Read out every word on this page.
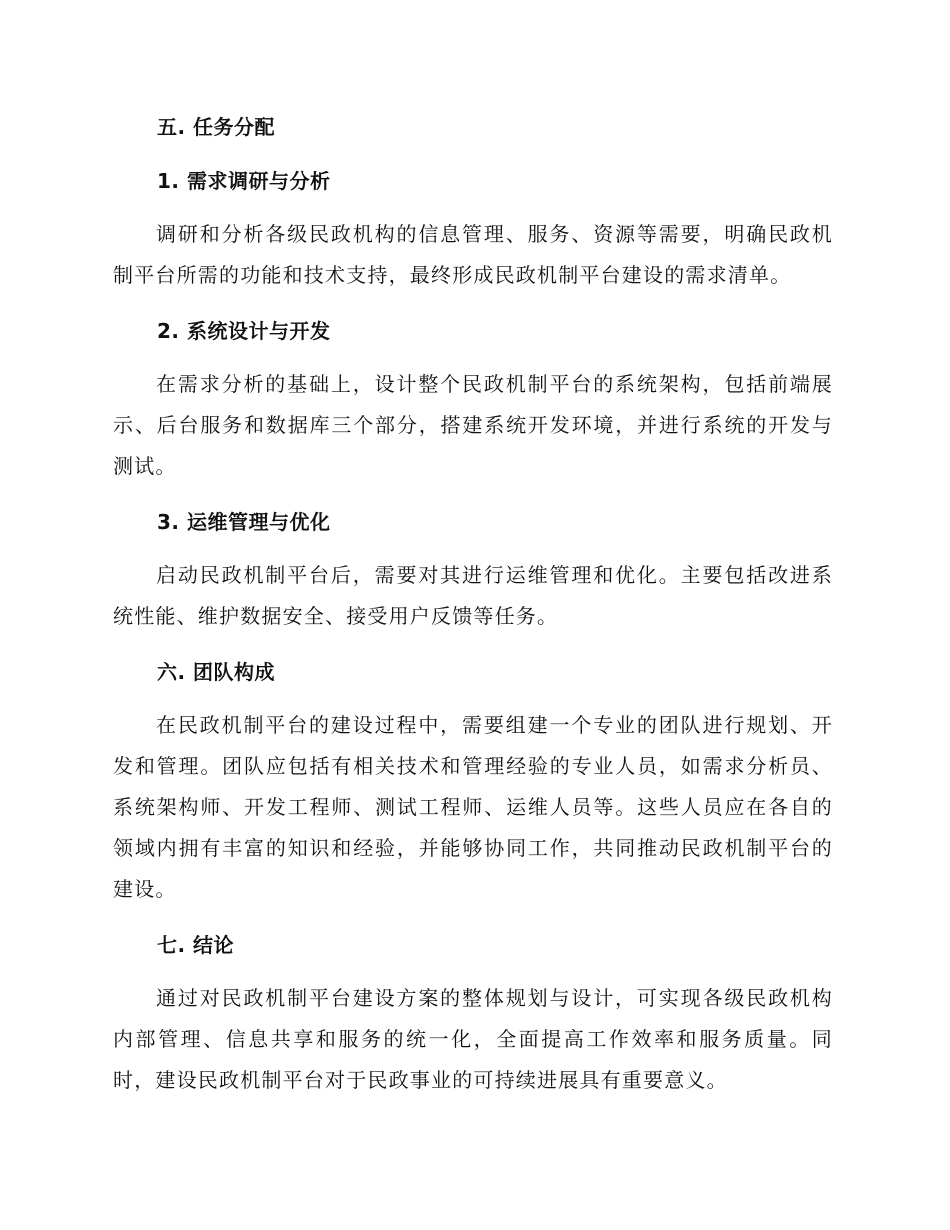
五. 任务分配
1. 需求调研与分析

调研和分析各级民政机构的信息管理、服务、资源等需要，明确民政机制平台所需的功能和技术支持，最终形成民政机制平台建设的需求清单。

2. 系统设计与开发

在需求分析的基础上，设计整个民政机制平台的系统架构，包括前端展示、后台服务和数据库三个部分，搭建系统开发环境，并进行系统的开发与测试。

3. 运维管理与优化

启动民政机制平台后，需要对其进行运维管理和优化。主要包括改进系统性能、维护数据安全、接受用户反馈等任务。

六. 团队构成

在民政机制平台的建设过程中，需要组建一个专业的团队进行规划、开发和管理。团队应包括有相关技术和管理经验的专业人员，如需求分析员、系统架构师、开发工程师、测试工程师、运维人员等。这些人员应在各自的领域内拥有丰富的知识和经验，并能够协同工作，共同推动民政机制平台的建设。

七. 结论

通过对民政机制平台建设方案的整体规划与设计，可实现各级民政机构内部管理、信息共享和服务的统一化，全面提高工作效率和服务质量。同时，建设民政机制平台对于民政事业的可持续进展具有重要意义。
